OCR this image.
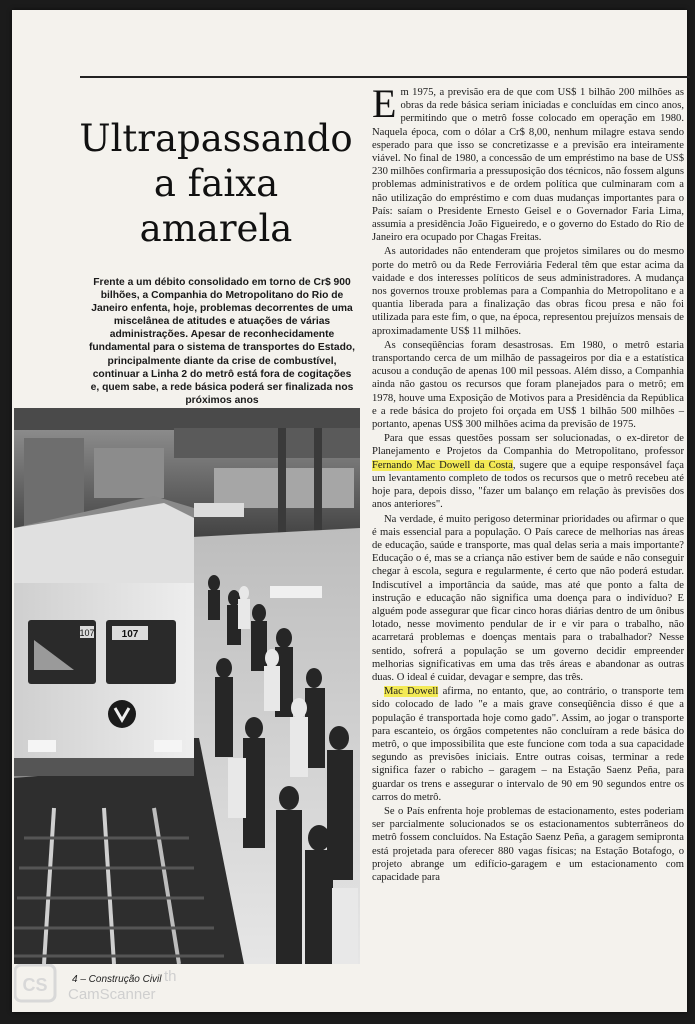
Ultrapassando
a faixa
amarela
Frente a um débito consolidado em torno de Cr$ 900 bilhões, a Companhia do Metropolitano do Rio de Janeiro enfenta, hoje, problemas decorrentes de uma miscelânea de atitudes e atuações de várias administrações. Apesar de reconhecidamente fundamental para o sistema de transportes do Estado, principalmente diante da crise de combustível, continuar a Linha 2 do metrô está fora de cogitações e, quem sabe, a rede básica poderá ser finalizada nos próximos anos
107	107
4 – Construção Civil

Em 1975, a previsão era de que com US$ 1 bilhão 200 milhões as obras da rede básica seriam iniciadas e concluídas em cinco anos, permitindo que o metrô fosse colocado em operação em 1980. Naquela época, com o dólar a Cr$ 8,00, nenhum milagre estava sendo esperado para que isso se concretizasse e a previsão era inteiramente viável. No final de 1980, a concessão de um empréstimo na base de US$ 230 milhões confirmaria a pressuposição dos técnicos, não fossem alguns problemas administrativos e de ordem política que culminaram com a não utilização do empréstimo e com duas mudanças importantes para o País: saíam o Presidente Ernesto Geisel e o Governador Faria Lima, assumia a presidência João Figueiredo, e o governo do Estado do Rio de Janeiro era ocupado por Chagas Freitas.

As autoridades não entenderam que projetos similares ou do mesmo porte do metrô ou da Rede Ferroviária Federal têm que estar acima da vaidade e dos interesses políticos de seus administradores. A mudança nos governos trouxe problemas para a Companhia do Metropolitano e a quantia liberada para a finalização das obras ficou presa e não foi utilizada para este fim, o que, na época, representou prejuízos mensais de aproximadamente US$ 11 milhões.

As conseqüências foram desastrosas. Em 1980, o metrô estaria transportando cerca de um milhão de passageiros por dia e a estatística acusou a condução de apenas 100 mil pessoas. Além disso, a Companhia ainda não gastou os recursos que foram planejados para o metrô; em 1978, houve uma Exposição de Motivos para a Presidência da República e a rede básica do projeto foi orçada em US$ 1 bilhão 500 milhões – portanto, apenas US$ 300 milhões acima da previsão de 1975.

Para que essas questões possam ser solucionadas, o ex-diretor de Planejamento e Projetos da Companhia do Metropolitano, professor Fernando Mac Dowell da Costa, sugere que a equipe responsável faça um levantamento completo de todos os recursos que o metrô recebeu até hoje para, depois disso, "fazer um balanço em relação às previsões dos anos anteriores".

Na verdade, é muito perigoso determinar prioridades ou afirmar o que é mais essencial para a população. O País carece de melhorias nas áreas de educação, saúde e transporte, mas qual delas seria a mais importante? Educação o é, mas se a criança não estiver bem de saúde e não conseguir chegar à escola, segura e regularmente, é certo que não poderá estudar. Indiscutível a importância da saúde, mas até que ponto a falta de instrução e educação não significa uma doença para o indivíduo? E alguém pode assegurar que ficar cinco horas diárias dentro de um ônibus lotado, nesse movimento pendular de ir e vir para o trabalho, não acarretará problemas e doenças mentais para o trabalhador? Nesse sentido, sofrerá a população se um governo decidir empreender melhorias significativas em uma das três áreas e abandonar as outras duas. O ideal é cuidar, devagar e sempre, das três.

Mac Dowell afirma, no entanto, que, ao contrário, o transporte tem sido colocado de lado "e a mais grave conseqüência disso é que a população é transportada hoje como gado". Assim, ao jogar o transporte para escanteio, os órgãos competentes não concluíram a rede básica do metrô, o que impossibilita que este funcione com toda a sua capacidade segundo as previsões iniciais. Entre outras coisas, terminar a rede significa fazer o rabicho – garagem – na Estação Saenz Peña, para guardar os trens e assegurar o intervalo de 90 em 90 segundos entre os carros do metrô.

Se o País enfrenta hoje problemas de estacionamento, estes poderiam ser parcialmente solucionados se os estacionamentos subterrâneos do metrô fossem concluídos. Na Estação Saenz Peña, a garagem semipronta está projetada para oferecer 880 vagas físicas; na Estação Botafogo, o projeto abrange um edifício-garagem e um estacionamento com capacidade para

CS	th
CamScanner
